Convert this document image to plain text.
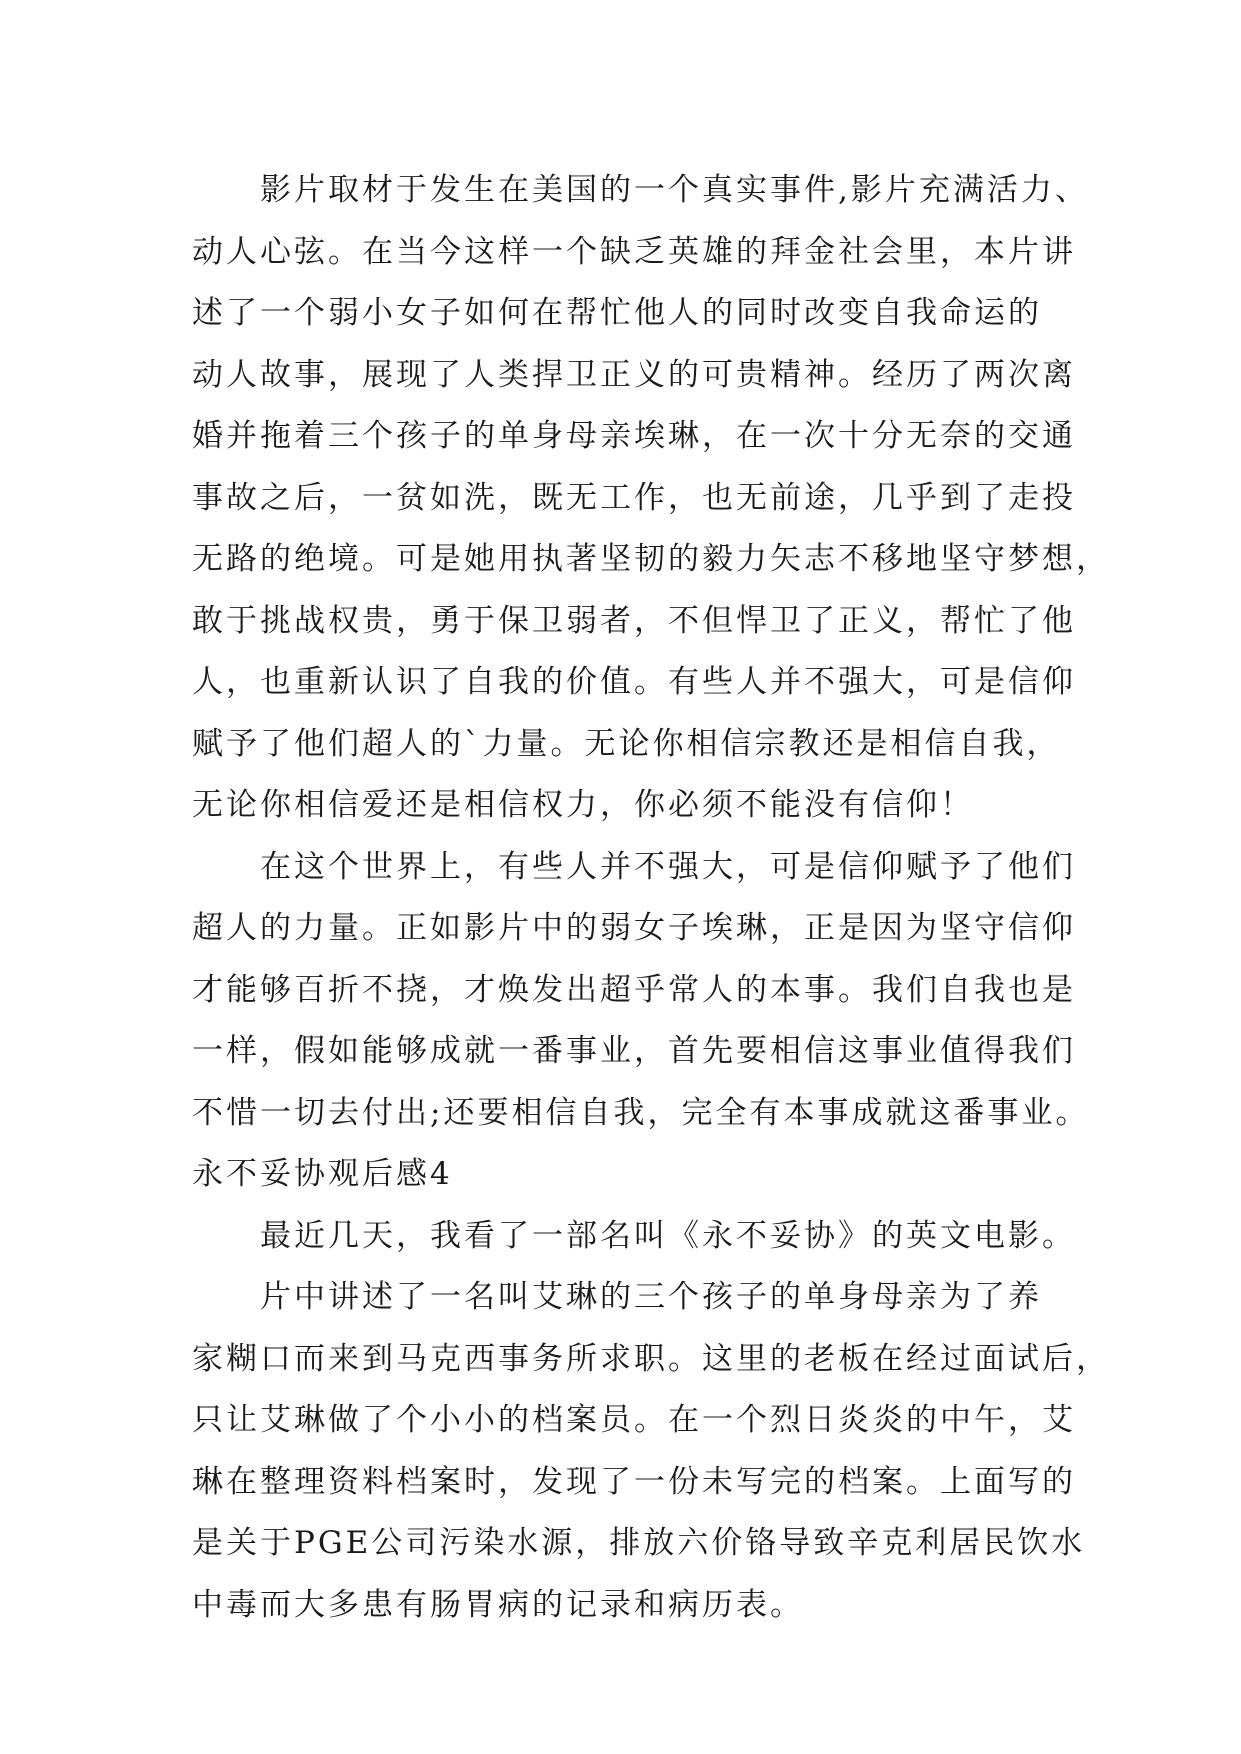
影片取材于发生在美国的一个真实事件,影片充满活力、
动人心弦。在当今这样一个缺乏英雄的拜金社会里，本片讲
述了一个弱小女子如何在帮忙他人的同时改变自我命运的
动人故事，展现了人类捍卫正义的可贵精神。经历了两次离
婚并拖着三个孩子的单身母亲埃琳，在一次十分无奈的交通
事故之后，一贫如洗，既无工作，也无前途，几乎到了走投
无路的绝境。可是她用执著坚韧的毅力矢志不移地坚守梦想，
敢于挑战权贵，勇于保卫弱者，不但悍卫了正义，帮忙了他
人，也重新认识了自我的价值。有些人并不强大，可是信仰
赋予了他们超人的`力量。无论你相信宗教还是相信自我，
无论你相信爱还是相信权力，你必须不能没有信仰！
在这个世界上，有些人并不强大，可是信仰赋予了他们
超人的力量。正如影片中的弱女子埃琳，正是因为坚守信仰
才能够百折不挠，才焕发出超乎常人的本事。我们自我也是
一样，假如能够成就一番事业，首先要相信这事业值得我们
不惜一切去付出;还要相信自我，完全有本事成就这番事业。
永不妥协观后感4
最近几天，我看了一部名叫《永不妥协》的英文电影。
片中讲述了一名叫艾琳的三个孩子的单身母亲为了养
家糊口而来到马克西事务所求职。这里的老板在经过面试后，
只让艾琳做了个小小的档案员。在一个烈日炎炎的中午，艾
琳在整理资料档案时，发现了一份未写完的档案。上面写的
是关于PGE公司污染水源，排放六价铬导致辛克利居民饮水
中毒而大多患有肠胃病的记录和病历表。
